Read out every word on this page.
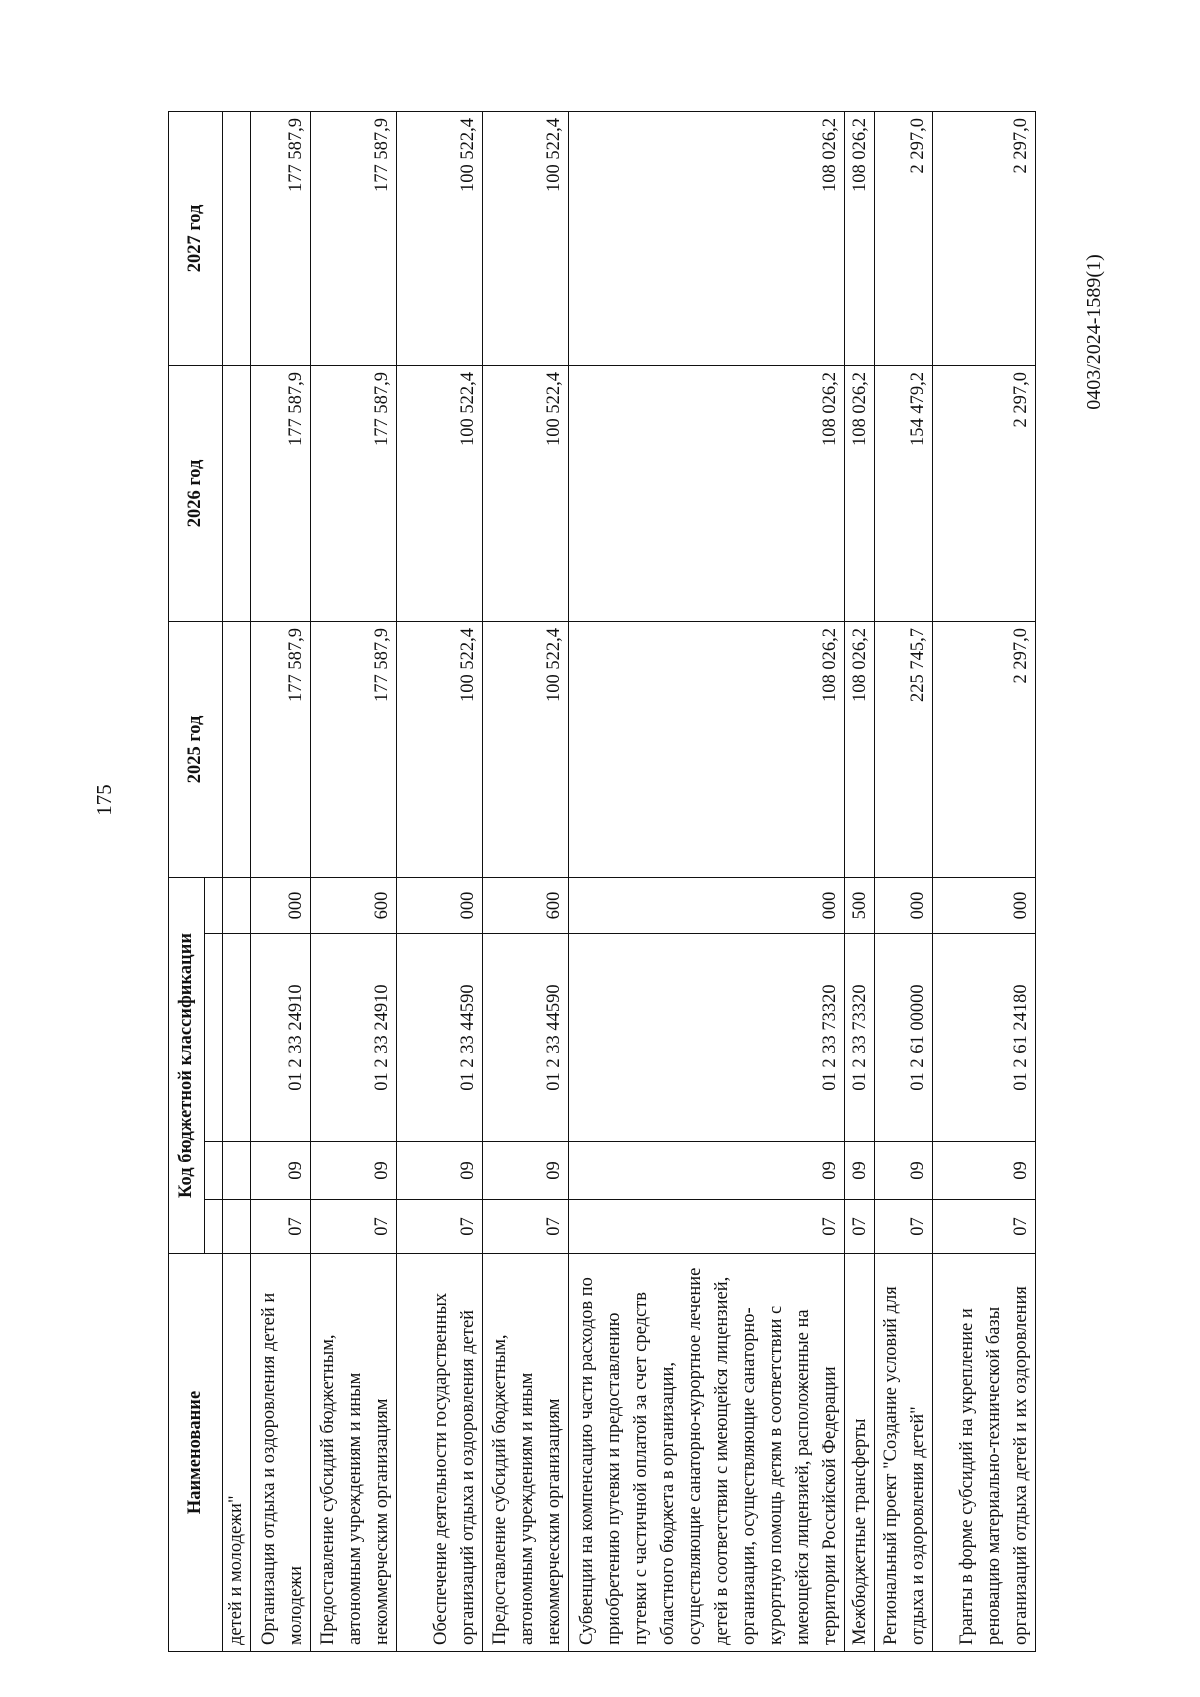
175
0403/2024-1589(1)
Наименование	Код бюджетной классификации				2025 год	2026 год	2027 год

детей и молодежи"							
Организация отдыха и оздоровления детей и молодежи	07	09	01 2 33 24910	000	177 587,9	177 587,9	177 587,9
Предоставление субсидий бюджетным, автономным учреждениям и иным некоммерческим организациям	07	09	01 2 33 24910	600	177 587,9	177 587,9	177 587,9
Обеспечение деятельности государственных организаций отдыха и оздоровления детей	07	09	01 2 33 44590	000	100 522,4	100 522,4	100 522,4
Предоставление субсидий бюджетным, автономным учреждениям и иным некоммерческим организациям	07	09	01 2 33 44590	600	100 522,4	100 522,4	100 522,4
Субвенции на компенсацию части расходов по приобретению путевки и предоставлению путевки с частичной оплатой за счет средств областного бюджета в организации, осуществляющие санаторно-курортное лечение детей в соответствии с имеющейся лицензией, организации, осуществляющие санаторно-курортную помощь детям в соответствии с имеющейся лицензией, расположенные на территории Российской Федерации	07	09	01 2 33 73320	000	108 026,2	108 026,2	108 026,2
Межбюджетные трансферты	07	09	01 2 33 73320	500	108 026,2	108 026,2	108 026,2
Региональный проект "Создание условий для отдыха и оздоровления детей"	07	09	01 2 61 00000	000	225 745,7	154 479,2	2 297,0
Гранты в форме субсидий на укрепление и реновацию материально-технической базы организаций отдыха детей и их оздоровления	07	09	01 2 61 24180	000	2 297,0	2 297,0	2 297,0
